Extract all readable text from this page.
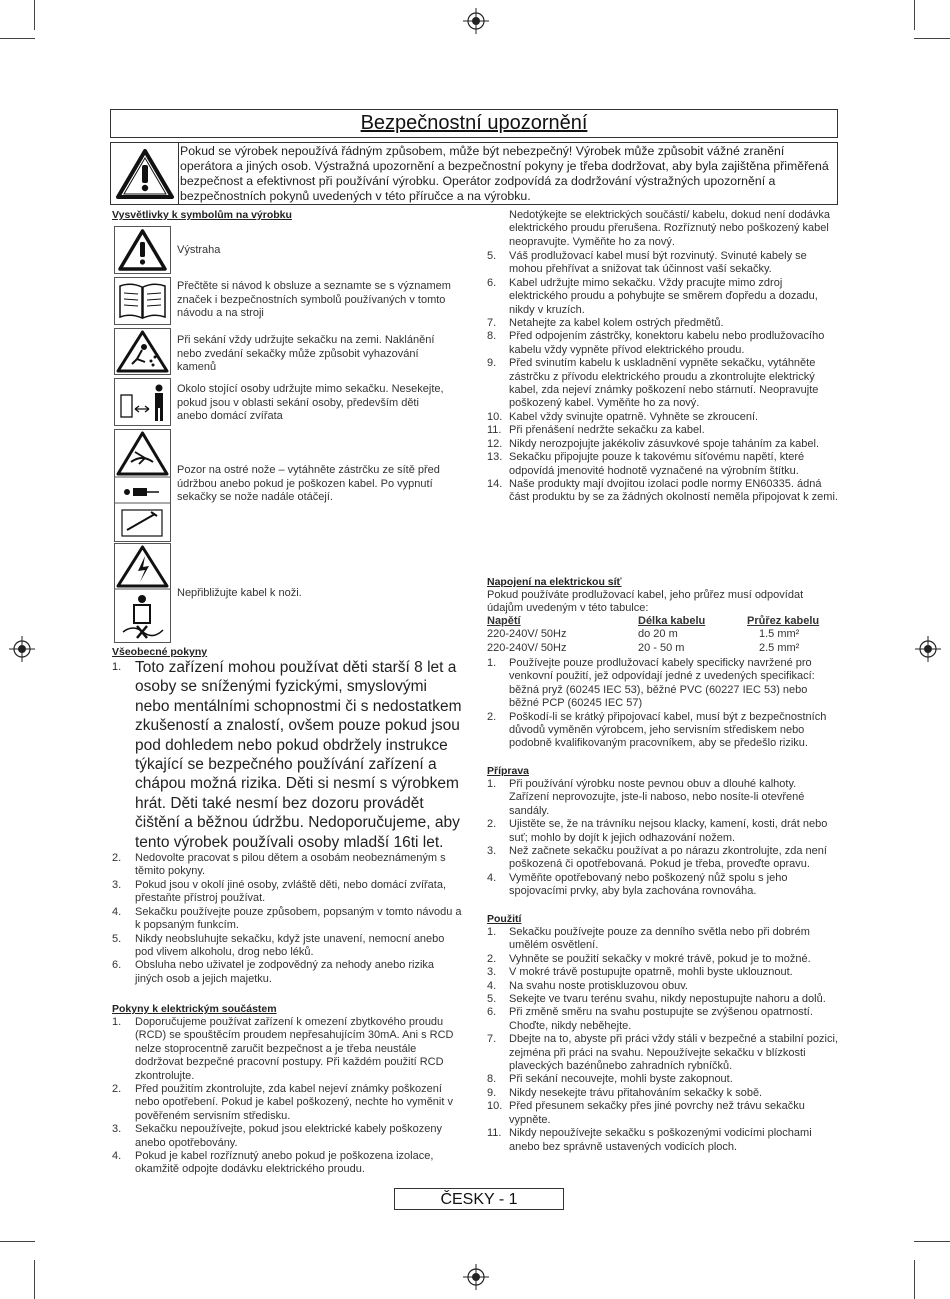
Bezpečnostní upozornění
Pokud se výrobek nepoužívá řádným způsobem, může být nebezpečný! Výrobek může způsobit vážné zranění operátora a jiných osob. Výstražná upozornění a bezpečnostní pokyny je třeba dodržovat, aby byla zajištěna přiměřená bezpečnost a efektivnost při používání výrobku. Operátor zodpovídá za dodržování výstražných upozornění a bezpečnostních pokynů uvedených v této příručce a na výrobku.
Vysvětlivky k symbolům na výrobku
Výstraha
Přečtěte si návod k obsluze a seznamte se s významem značek i bezpečnostních symbolů používaných v tomto návodu a na stroji
Při sekání vždy udržujte sekačku na zemi. Naklánění nebo zvedání sekačky může způsobit vyhazování kamenů
Okolo stojící osoby udržujte mimo sekačku. Nesekejte, pokud jsou v oblasti sekání osoby, především děti anebo domácí zvířata
Pozor na ostré nože – vytáhněte zástrčku ze sítě před údržbou anebo pokud je poškozen kabel. Po vypnutí sekačky se nože nadále otáčejí.
Nepřibližujte kabel k noži.
Všeobecné pokyny
1. Toto zařízení mohou používat děti starší 8 let a osoby se sníženými fyzickými, smyslovými nebo mentálními schopnostmi či s nedostatkem zkušeností a znalostí, ovšem pouze pokud jsou pod dohledem nebo pokud obdržely instrukce týkající se bezpečného používání zařízení a chápou možná rizika. Děti si nesmí s výrobkem hrát. Děti také nesmí bez dozoru provádět čištění a běžnou údržbu. Nedoporučujeme, aby tento výrobek používali osoby mladší 16ti let.
2.	Nedovolte pracovat s pilou dětem a osobám neobeznámeným s těmito pokyny.
3.	Pokud jsou v okolí jiné osoby, zvláště děti, nebo domácí zvířata, přestaňte přístroj používat.
4.	Sekačku používejte pouze způsobem, popsaným v tomto návodu a k popsaným funkcím.
5.	Nikdy neobsluhujte sekačku, když jste unavení, nemocní anebo pod vlivem alkoholu, drog nebo léků.
6.	Obsluha nebo uživatel je zodpovědný za nehody anebo rizika jiných osob a jejich majetku.
Pokyny k elektrickým součástem
1.	Doporučujeme používat zařízení k omezení zbytkového proudu (RCD) se spouštěcím proudem nepřesahujícím 30mA. Ani s RCD nelze stoprocentně zaručit bezpečnost a je třeba neustále dodržovat bezpečné pracovní postupy. Při každém použití RCD zkontrolujte.
2.	Před použitím zkontrolujte, zda kabel nejeví známky poškození nebo opotřebení. Pokud je kabel poškozený, nechte ho vyměnit v pověřeném servisním středisku.
3.	Sekačku nepoužívejte, pokud jsou elektrické kabely poškozeny anebo opotřebovány.
4.	Pokud je kabel rozříznutý anebo pokud je poškozena izolace, okamžitě odpojte dodávku elektrického proudu.
Nedotýkejte se elektrických součástí/ kabelu, dokud není dodávka elektrického proudu přerušena. Rozříznutý nebo poškozený kabel neopravujte. Vyměňte ho za nový.
5.	Váš prodlužovací kabel musí být rozvinutý. Svinuté kabely se mohou přehřívat a snižovat tak účinnost vaší sekačky.
6.	Kabel udržujte mimo sekačku. Vždy pracujte mimo zdroj elektrického proudu a pohybujte se směrem ďopředu a dozadu, nikdy v kruzích.
7.	Netahejte za kabel kolem ostrých předmětů.
8.	Před odpojením zástrčky, konektoru kabelu nebo prodlužovacího kabelu vždy vypněte přívod elektrického proudu.
9.	Před svinutím kabelu k uskladnění vypněte sekačku, vytáhněte zástrčku z přívodu elektrického proudu a zkontrolujte elektrický kabel, zda nejeví známky poškození nebo stárnutí. Neopravujte poškozený kabel. Vyměňte ho za nový.
10. Kabel vždy svinujte opatrně. Vyhněte se zkroucení.
11. Při přenášení nedržte sekačku za kabel.
12. Nikdy nerozpojujte jakékoliv zásuvkové spoje taháním za kabel.
13. Sekačku připojujte pouze k takovému síťovému napětí, které odpovídá jmenovité hodnotě vyznačené na výrobním štítku.
14. Naše produkty mají dvojitou izolaci podle normy EN60335. ádná část produktu by se za žádných okolností neměla připojovat k zemi.
Napojení na elektrickou síť
Pokud používáte prodlužovací kabel, jeho průřez musí odpovídat údajům uvedeným v této tabulce:
Napětí	Délka kabelu	Průřez kabelu
220-240V/ 50Hz	do 20 m	1.5 mm²
220-240V/ 50Hz	20 - 50 m	2.5 mm²
1.	Používejte pouze prodlužovací kabely specificky navržené pro venkovní použití, jež odpovídají jedné z uvedených specifikací: běžná pryž (60245 IEC 53), běžné PVC (60227 IEC 53) nebo běžné PCP (60245 IEC 57)
2.	Poškodí-li se krátký připojovací kabel, musí být z bezpečnostních důvodů vyměněn výrobcem, jeho servisním střediskem nebo podobně kvalifikovaným pracovníkem, aby se předešlo riziku.
Příprava
1.	Při používání výrobku noste pevnou obuv a dlouhé kalhoty. Zařízení neprovozujte, jste-li naboso, nebo nosíte-li otevřené sandály.
2.	Ujistěte se, že na trávníku nejsou klacky, kamení, kosti, drát nebo suť; mohlo by dojít k jejich odhazování nožem.
3.	Než začnete sekačku používat a po nárazu zkontrolujte, zda není poškozená či opotřebovaná. Pokud je třeba, proveďte opravu.
4.	Vyměňte opotřebovaný nebo poškozený nůž spolu s jeho spojovacími prvky, aby byla zachována rovnováha.
Použití
1.	Sekačku používejte pouze za denního světla nebo při dobrém umělém osvětlení.
2.	Vyhněte se použití sekačky v mokré trávě, pokud je to možné.
3.	V mokré trávě postupujte opatrně, mohli byste uklouznout.
4.	Na svahu noste protiskluzovou obuv.
5.	Sekejte ve tvaru terénu svahu, nikdy nepostupujte nahoru a dolů.
6.	Při změně směru na svahu postupujte se zvýšenou opatrností. Choďte, nikdy neběhejte.
7.	Dbejte na to, abyste při práci vždy stáli v bezpečné a stabilní pozici, zejména při práci na svahu. Nepoužívejte sekačku v blízkosti plaveckých bazénůnebo zahradních rybníčků.
8.	Při sekání necouvejte, mohli byste zakopnout.
9.	Nikdy nesekejte trávu přitahováním sekačky k sobě.
10. Před přesunem sekačky přes jiné povrchy než trávu sekačku vypněte.
11. Nikdy nepoužívejte sekačku s poškozenými vodicími plochami anebo bez správně ustavených vodicích ploch.
ČESKY - 1
